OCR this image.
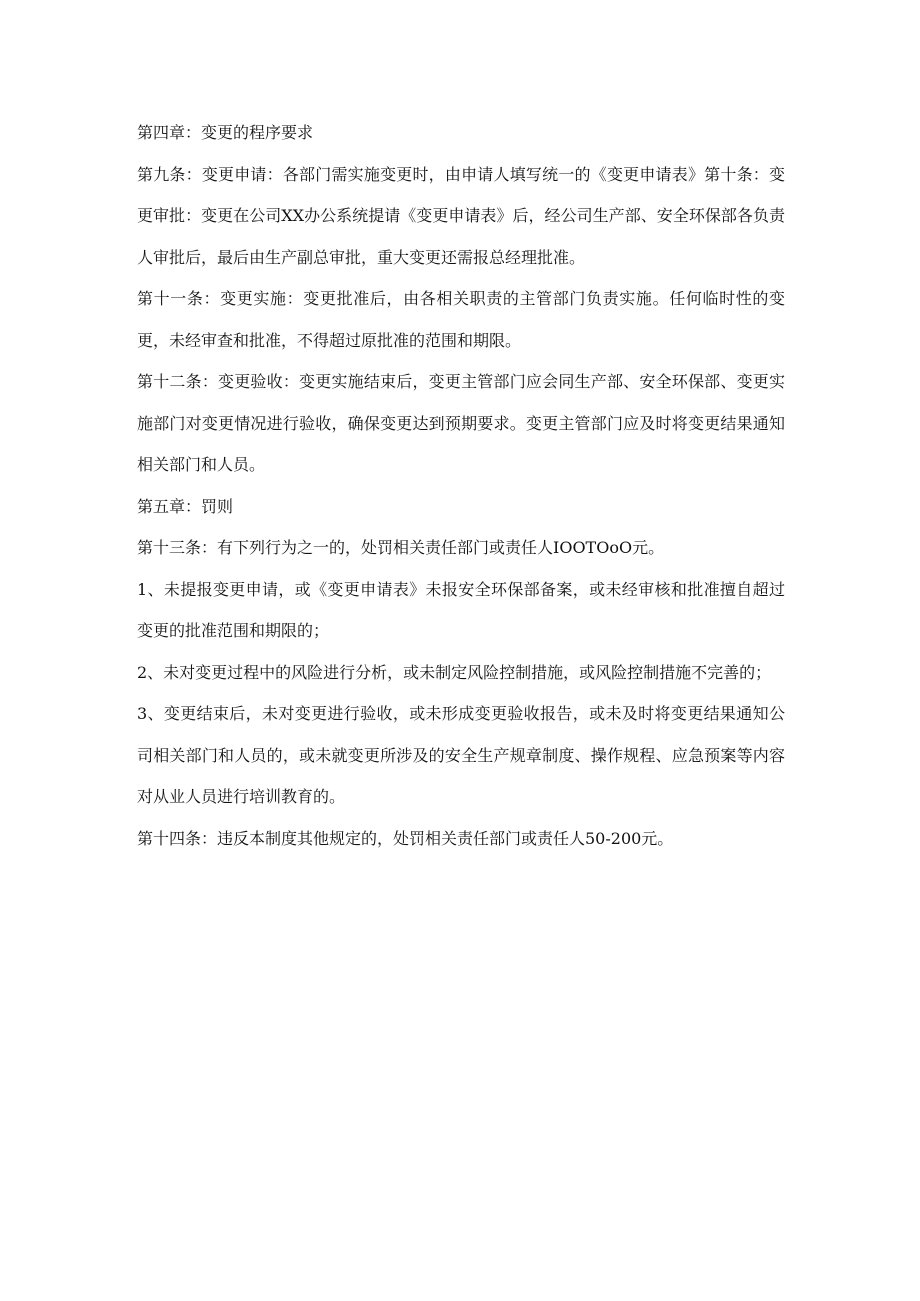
第四章：变更的程序要求

第九条：变更申请：各部门需实施变更时，由申请人填写统一的《变更申请表》第十条：变更审批：变更在公司XX办公系统提请《变更申请表》后，经公司生产部、安全环保部各负责人审批后，最后由生产副总审批，重大变更还需报总经理批准。

第十一条：变更实施：变更批准后，由各相关职责的主管部门负责实施。任何临时性的变更，未经审查和批准，不得超过原批准的范围和期限。

第十二条：变更验收：变更实施结束后，变更主管部门应会同生产部、安全环保部、变更实施部门对变更情况进行验收，确保变更达到预期要求。变更主管部门应及时将变更结果通知相关部门和人员。

第五章：罚则

第十三条：有下列行为之一的，处罚相关责任部门或责任人IOOTOoO元。

1、未提报变更申请，或《变更申请表》未报安全环保部备案，或未经审核和批准擅自超过变更的批准范围和期限的；

2、未对变更过程中的风险进行分析，或未制定风险控制措施，或风险控制措施不完善的；

3、变更结束后，未对变更进行验收，或未形成变更验收报告，或未及时将变更结果通知公司相关部门和人员的，或未就变更所涉及的安全生产规章制度、操作规程、应急预案等内容对从业人员进行培训教育的。

第十四条：违反本制度其他规定的，处罚相关责任部门或责任人50-200元。
